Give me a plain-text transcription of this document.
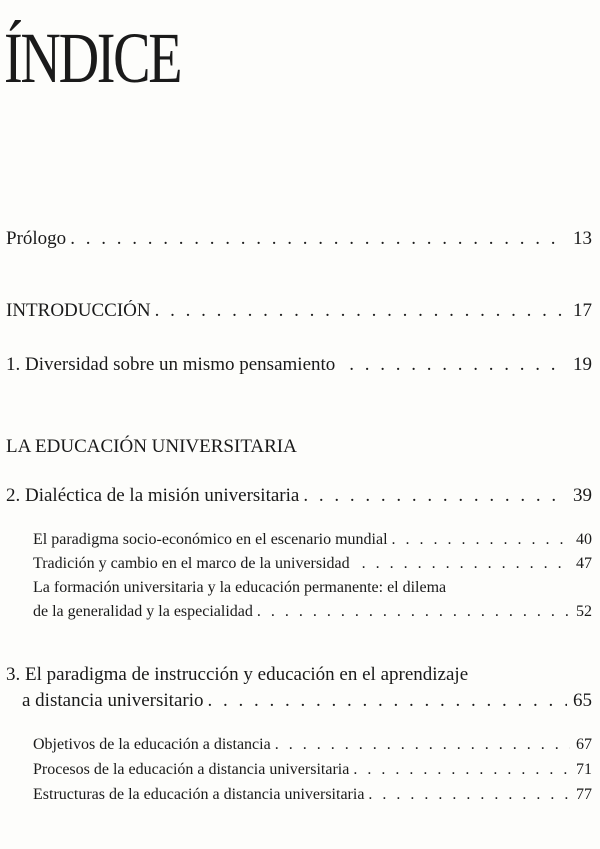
ÍNDICE
Prólogo . . .	13
INTRODUCCIÓN . . .	17
1. Diversidad sobre un mismo pensamiento . . .	19
LA EDUCACIÓN UNIVERSITARIA
2. Dialéctica de la misión universitaria . . .	39
El paradigma socio-económico en el escenario mundial . . .	40
Tradición y cambio en el marco de la universidad . . .	47
La formación universitaria y la educación permanente: el dilema
de la generalidad y la especialidad . . .	52
3. El paradigma de instrucción y educación en el aprendizaje
a distancia universitario . . .	65
Objetivos de la educación a distancia . . .	67
Procesos de la educación a distancia universitaria . . .	71
Estructuras de la educación a distancia universitaria . . .	77
